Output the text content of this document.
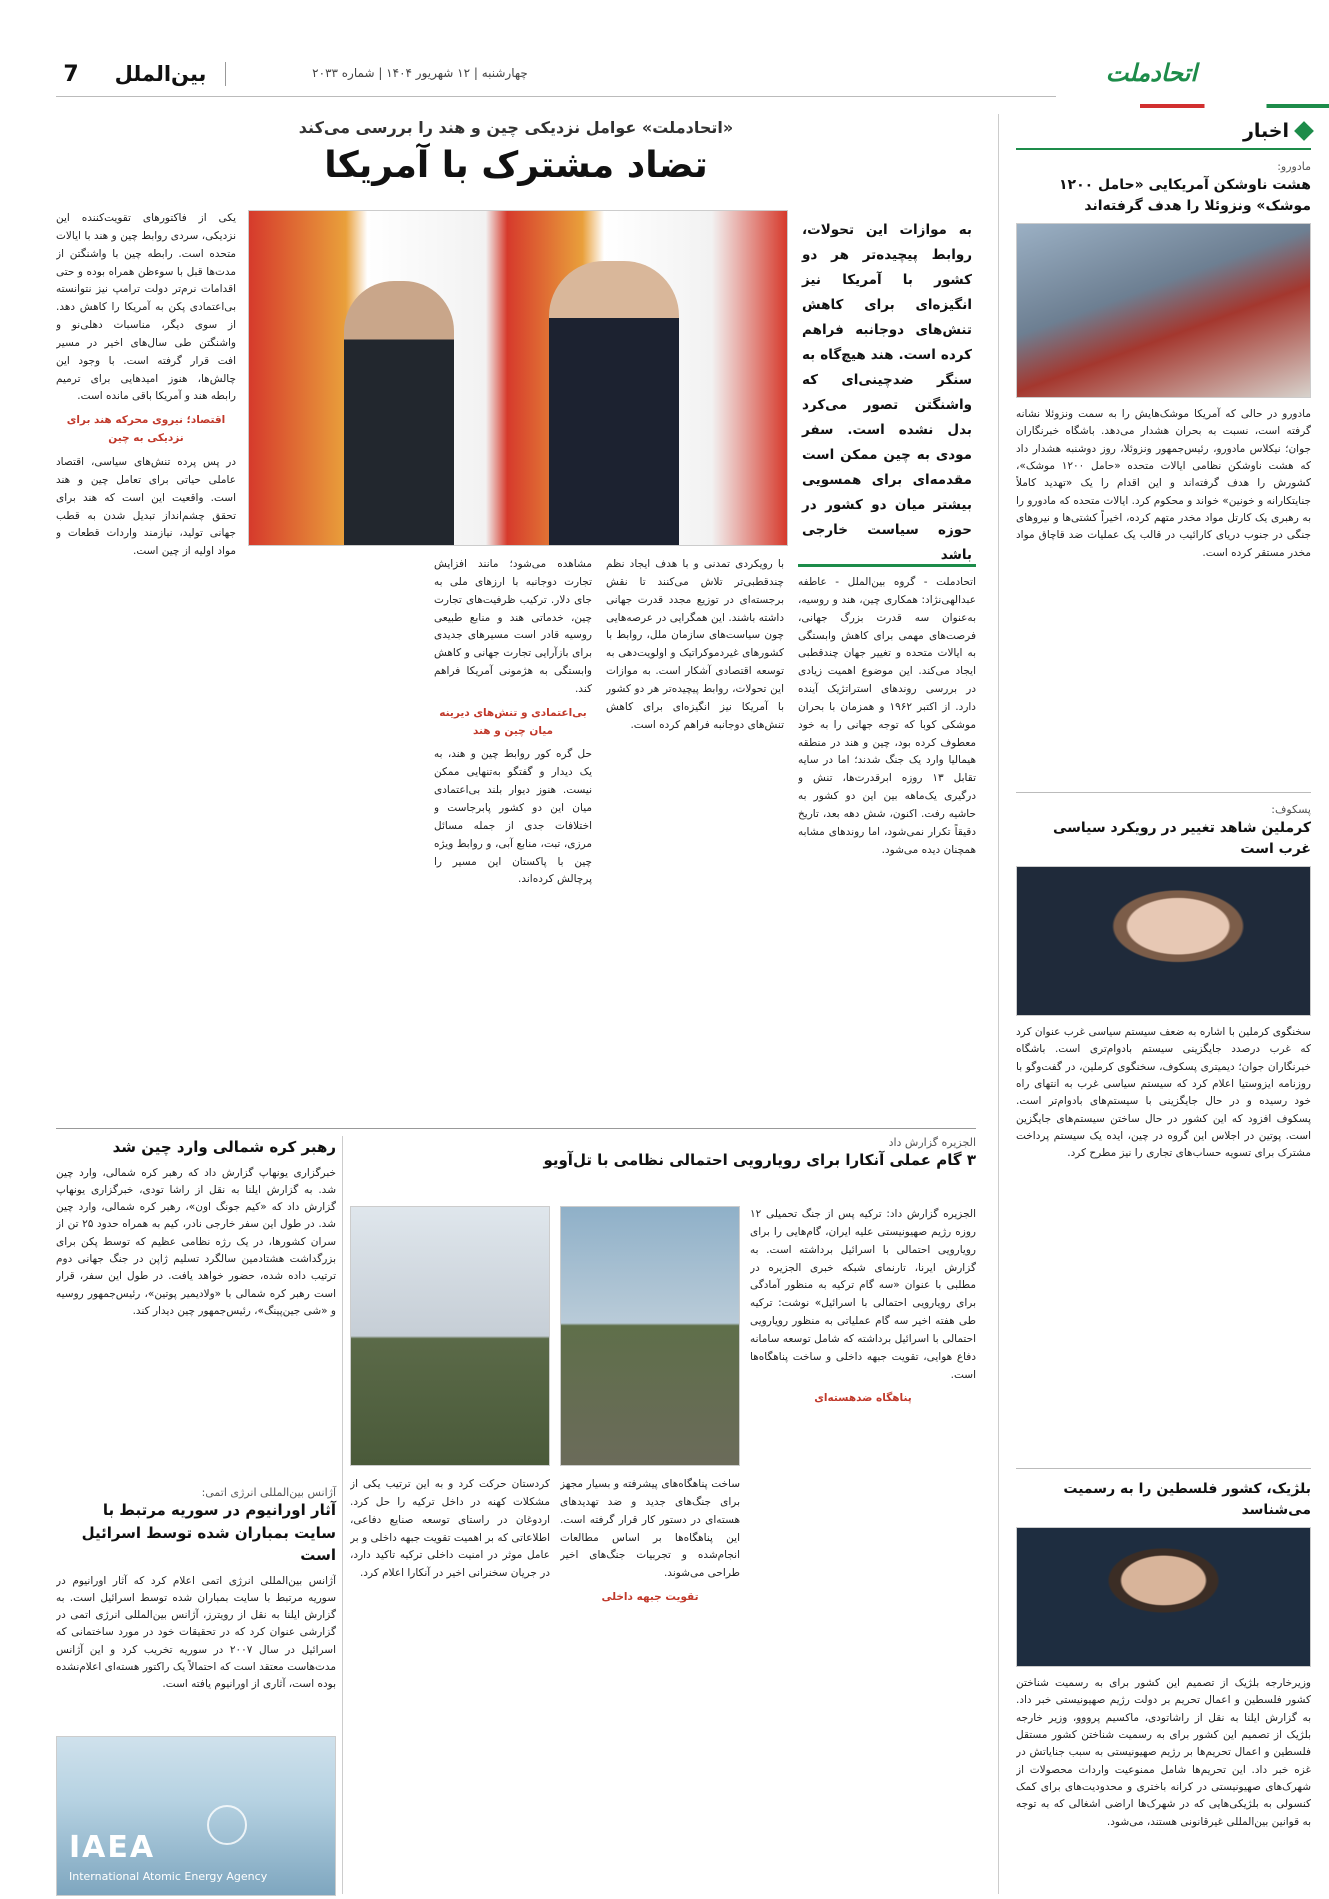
7	بین‌الملل	چهارشنبه | ۱۲ شهریور ۱۴۰۴ | شماره ۲۰۳۳	اتحادملت
اخبار
مادورو:
هشت ناوشکن آمریکایی «حامل ۱۲۰۰ موشک» ونزوئلا را هدف گرفته‌اند
مادورو در حالی که آمریکا موشک‌هایش را به سمت ونزوئلا نشانه گرفته است، نسبت به بحران هشدار می‌دهد. باشگاه خبرنگاران جوان؛ نیکلاس مادورو، رئیس‌جمهور ونزوئلا، روز دوشنبه هشدار داد که هشت ناوشکن نظامی ایالات متحده «حامل ۱۲۰۰ موشک»، کشورش را هدف گرفته‌اند و این اقدام را یک «تهدید کاملاً جنایتکارانه و خونین» خواند و محکوم کرد. ایالات متحده که مادورو را به رهبری یک کارتل مواد مخدر متهم کرده، اخیراً کشتی‌ها و نیروهای جنگی در جنوب دریای کارائیب در قالب یک عملیات ضد قاچاق مواد مخدر مستقر کرده است.
پسکوف:
کرملین شاهد تغییر در رویکرد سیاسی غرب است
سخنگوی کرملین با اشاره به ضعف سیستم سیاسی غرب عنوان کرد که غرب درصدد جایگزینی سیستم بادوام‌تری است. باشگاه خبرنگاران جوان؛ دیمیتری پسکوف، سخنگوی کرملین، در گفت‌وگو با روزنامه ایزوستیا اعلام کرد که سیستم سیاسی غرب به انتهای راه خود رسیده و در حال جایگزینی با سیستم‌های بادوام‌تر است. پسکوف افزود که این کشور در حال ساختن سیستم‌های جایگزین است. پوتین در اجلاس این گروه در چین، ایده یک سیستم پرداخت مشترک برای تسویه حساب‌های تجاری را نیز مطرح کرد.
بلژیک، کشور فلسطین را به رسمیت می‌شناسد
وزیرخارجه بلژیک از تصمیم این کشور برای به رسمیت شناختن کشور فلسطین و اعمال تحریم بر دولت رژیم صهیونیستی خبر داد. به گزارش ایلنا به نقل از راشاتودی، ماکسیم پرووو، وزیر خارجه بلژیک از تصمیم این کشور برای به رسمیت شناختن کشور مستقل فلسطین و اعمال تحریم‌ها بر رژیم صهیونیستی به سبب جنایاتش در غزه خبر داد. این تحریم‌ها شامل ممنوعیت واردات محصولات از شهرک‌های صهیونیستی در کرانه باختری و محدودیت‌های برای کمک کنسولی به بلژیکی‌هایی که در شهرک‌ها اراضی اشغالی که به توجه به قوانین بین‌المللی غیرقانونی هستند، می‌شود.
«اتحادملت» عوامل نزدیکی چین و هند را بررسی می‌کند
تضاد مشترک با آمریکا
به موازات این تحولات، روابط پیچیده‌تر هر دو کشور با آمریکا نیز انگیزه‌ای برای کاهش تنش‌های دوجانبه فراهم کرده است. هند هیچ‌گاه به سنگر ضدچینی‌ای که واشنگتن تصور می‌کرد بدل نشده است. سفر مودی به چین ممکن است مقدمه‌ای برای همسویی بیشتر میان دو کشور در حوزه سیاست خارجی باشد
اتحادملت - گروه بین‌الملل - عاطفه عبدالهی‌نژاد: همکاری چین، هند و روسیه، به‌عنوان سه قدرت بزرگ جهانی، فرصت‌های مهمی برای کاهش وابستگی به ایالات متحده و تغییر جهان چندقطبی ایجاد می‌کند. این موضوع اهمیت زیادی در بررسی روندهای استراتژیک آینده دارد. از اکتبر ۱۹۶۲ و همزمان با بحران موشکی کوبا که توجه جهانی را به خود معطوف کرده بود، چین و هند در منطقه هیمالیا وارد یک جنگ شدند؛ اما در سایه تقابل ۱۳ روزه ابرقدرت‌ها، تنش و درگیری یک‌ماهه بین این دو کشور به حاشیه رفت. اکنون، شش دهه بعد، تاریخ دقیقاً تکرار نمی‌شود، اما روندهای مشابه همچنان دیده می‌شود.
با رویکردی تمدنی و با هدف ایجاد نظم چندقطبی‌تر تلاش می‌کنند تا نقش برجسته‌ای در توزیع مجدد قدرت جهانی داشته باشند. این همگرایی در عرصه‌هایی چون سیاست‌های سازمان ملل، روابط با کشورهای غیردموکراتیک و اولویت‌دهی به توسعه اقتصادی آشکار است. به موازات این تحولات، روابط پیچیده‌تر هر دو کشور با آمریکا نیز انگیزه‌ای برای کاهش تنش‌های دوجانبه فراهم کرده است.
مشاهده می‌شود؛ مانند افزایش تجارت دوجانبه با ارزهای ملی به جای دلار. ترکیب ظرفیت‌های تجارت چین، خدماتی هند و منابع طبیعی روسیه قادر است مسیرهای جدیدی برای بازآرایی تجارت جهانی و کاهش وابستگی به هژمونی آمریکا فراهم کند.
بی‌اعتمادی و تنش‌های دیرینه میان چین و هند
حل گره کور روابط چین و هند، به یک دیدار و گفتگو به‌تنهایی ممکن نیست. هنوز دیوار بلند بی‌اعتمادی میان این دو کشور پابرجاست و اختلافات جدی از جمله مسائل مرزی، تبت، منابع آبی، و روابط ویژه چین با پاکستان این مسیر را پرچالش کرده‌اند.
یکی از فاکتورهای تقویت‌کننده این نزدیکی، سردی روابط چین و هند با ایالات متحده است. رابطه چین با واشنگتن از مدت‌ها قبل با سوءظن همراه بوده و حتی اقدامات نرم‌تر دولت ترامپ نیز نتوانسته بی‌اعتمادی پکن به آمریکا را کاهش دهد. از سوی دیگر، مناسبات دهلی‌نو و واشنگتن طی سال‌های اخیر در مسیر افت قرار گرفته است. با وجود این چالش‌ها، هنوز امیدهایی برای ترمیم رابطه هند و آمریکا باقی مانده است.
اقتصاد؛ نیروی محرکه هند برای نزدیکی به چین
در پس پرده تنش‌های سیاسی، اقتصاد عاملی حیاتی برای تعامل چین و هند است. واقعیت این است که هند برای تحقق چشم‌انداز تبدیل شدن به قطب جهانی تولید، نیازمند واردات قطعات و مواد اولیه از چین است.
رهبر کره شمالی وارد چین شد
خبرگزاری یونهاپ گزارش داد که رهبر کره شمالی، وارد چین شد. به گزارش ایلنا به نقل از راشا تودی، خبرگزاری یونهاپ گزارش داد که «کیم جونگ اون»، رهبر کره شمالی، وارد چین شد. در طول این سفر خارجی نادر، کیم به همراه حدود ۲۵ تن از سران کشورها، در یک رژه نظامی عظیم که توسط پکن برای بزرگداشت هشتادمین سالگرد تسلیم ژاپن در جنگ جهانی دوم ترتیب داده شده، حضور خواهد یافت. در طول این سفر، قرار است رهبر کره شمالی با «ولادیمیر پوتین»، رئیس‌جمهور روسیه و «شی جین‌پینگ»، رئیس‌جمهور چین دیدار کند.
آژانس بین‌المللی انرژی اتمی:
آثار اورانیوم در سوریه مرتبط با سایت بمباران شده توسط اسرائیل است
آژانس بین‌المللی انرژی اتمی اعلام کرد که آثار اورانیوم در سوریه مرتبط با سایت بمباران شده توسط اسرائیل است. به گزارش ایلنا به نقل از رویترز، آژانس بین‌المللی انرژی اتمی در گزارشی عنوان کرد که در تحقیقات خود در مورد ساختمانی که اسرائیل در سال ۲۰۰۷ در سوریه تخریب کرد و این آژانس مدت‌هاست معتقد است که احتمالاً یک راکتور هسته‌ای اعلام‌نشده بوده است، آثاری از اورانیوم یافته است.
IAEA
International Atomic Energy Agency
الجزیره گزارش داد
۳ گام عملی آنکارا برای رویارویی احتمالی نظامی با تل‌آویو
الجزیره گزارش داد: ترکیه پس از جنگ تحمیلی ۱۲ روزه رژیم صهیونیستی علیه ایران، گام‌هایی را برای رویارویی احتمالی با اسرائیل برداشته است. به گزارش ایرنا، تارنمای شبکه خبری الجزیره در مطلبی با عنوان «سه گام ترکیه به منظور آمادگی برای رویارویی احتمالی با اسرائیل» نوشت: ترکیه طی هفته اخیر سه گام عملیاتی به منظور رویارویی احتمالی با اسرائیل برداشته که شامل توسعه سامانه دفاع هوایی، تقویت جبهه داخلی و ساخت پناهگاه‌ها است.
پناهگاه ضدهسته‌ای
ساخت پناهگاه‌های پیشرفته و بسیار مجهز برای جنگ‌های جدید و ضد تهدیدهای هسته‌ای در دستور کار قرار گرفته است. این پناهگاه‌ها بر اساس مطالعات انجام‌شده و تجربیات جنگ‌های اخیر طراحی می‌شوند.
تقویت جبهه داخلی
کردستان حرکت کرد و به این ترتیب یکی از مشکلات کهنه در داخل ترکیه را حل کرد. اردوغان در راستای توسعه صنایع دفاعی، اطلاعاتی که بر اهمیت تقویت جبهه داخلی و بر عامل موثر در امنیت داخلی ترکیه تاکید دارد، در جریان سخنرانی اخیر در آنکارا اعلام کرد.
